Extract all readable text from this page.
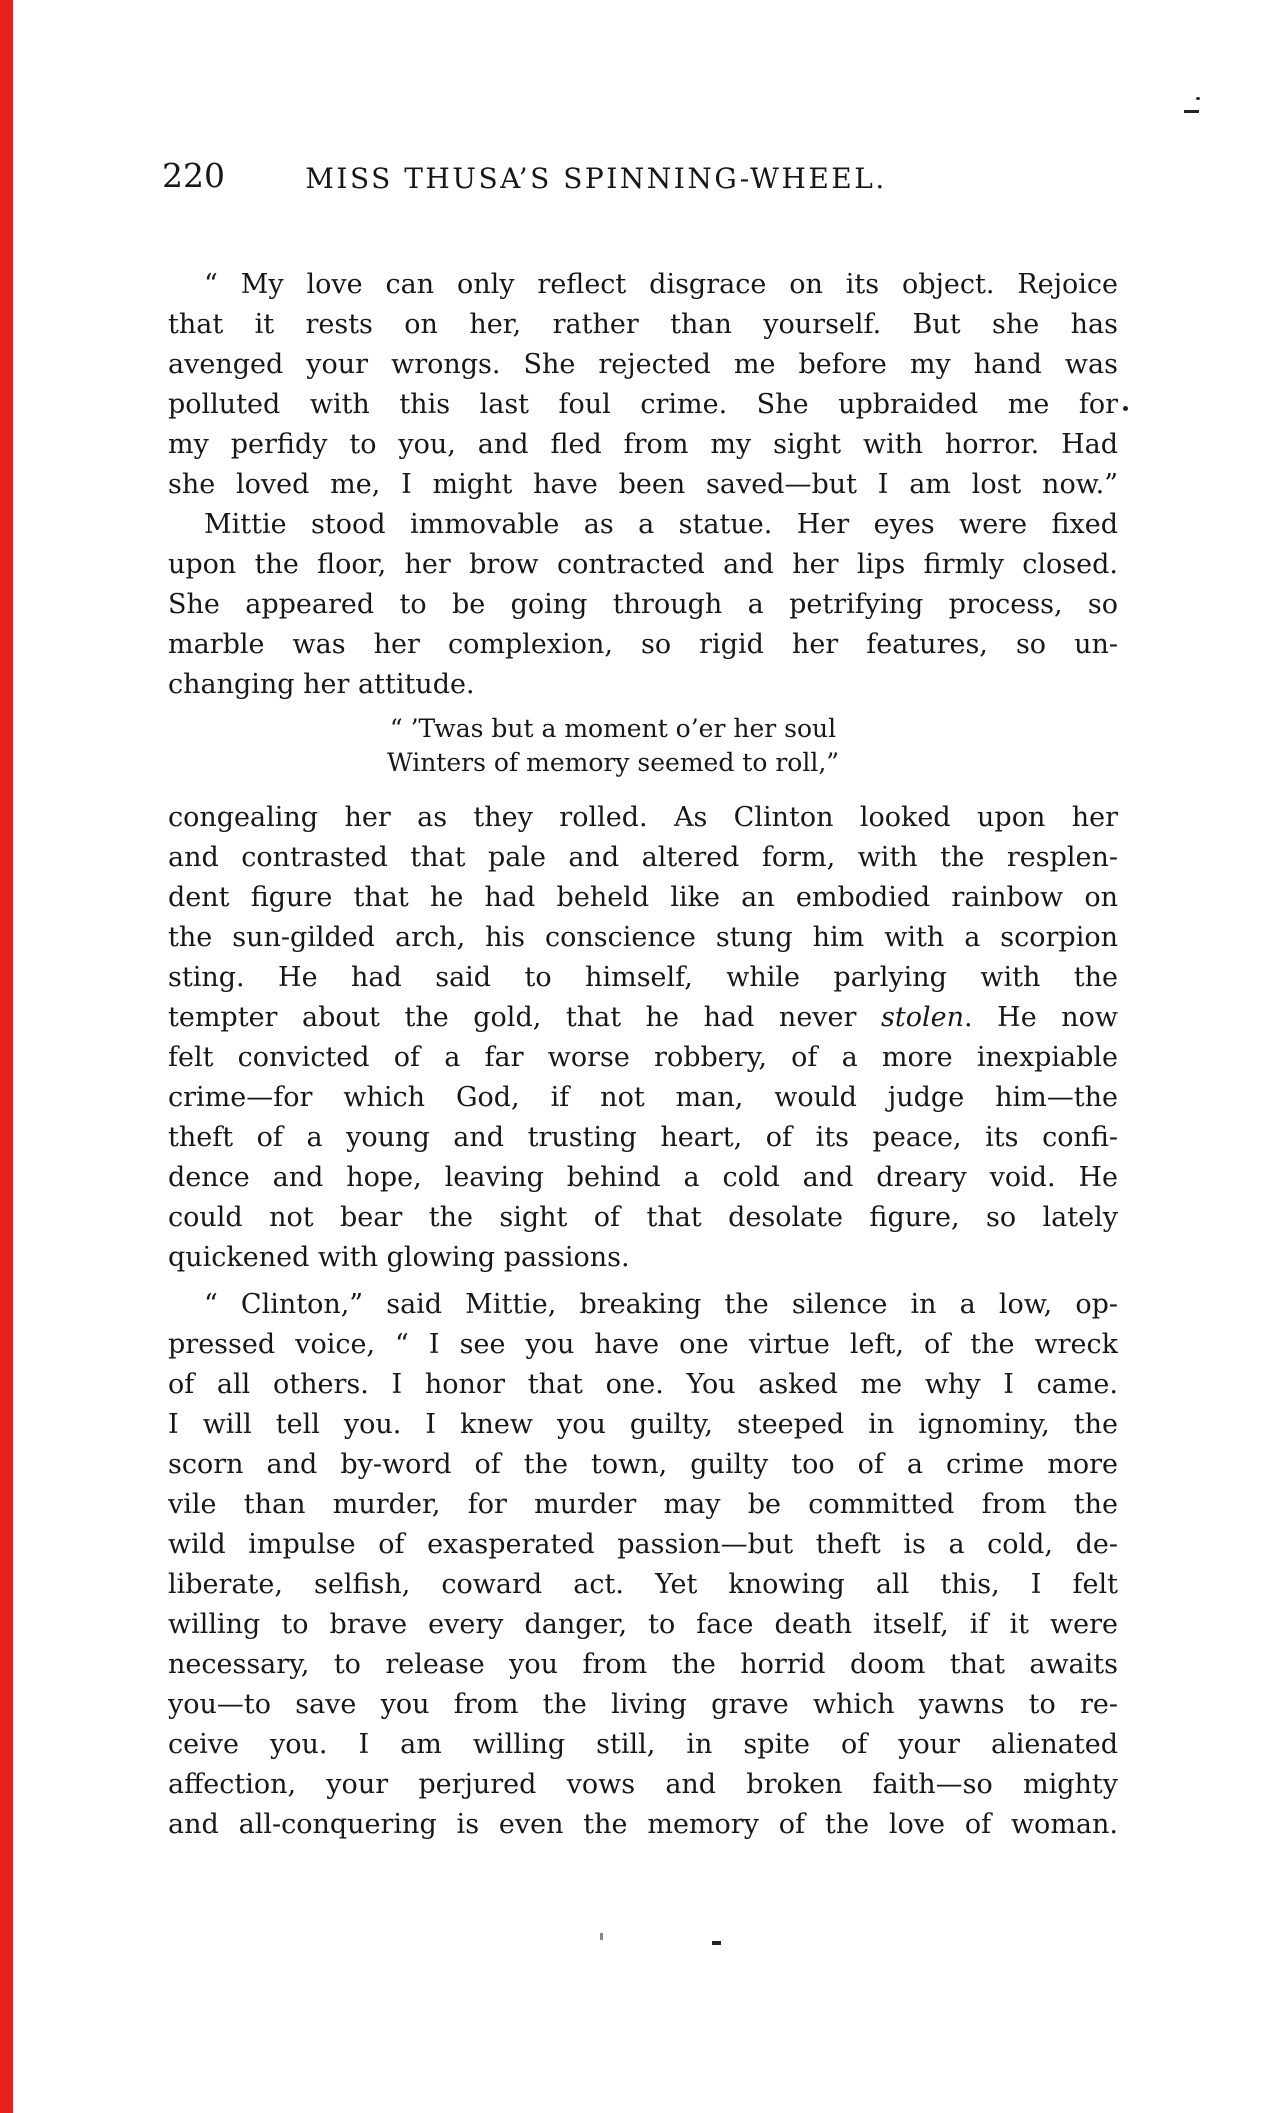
220	MISS THUSA’S SPINNING-WHEEL.
“ My love can only reflect disgrace on its object. Rejoice
that it rests on her, rather than yourself. But she has
avenged your wrongs. She rejected me before my hand was
polluted with this last foul crime. She upbraided me for
my perfidy to you, and fled from my sight with horror. Had
she loved me, I might have been saved—but I am lost now.”
Mittie stood immovable as a statue. Her eyes were fixed
upon the floor, her brow contracted and her lips firmly closed.
She appeared to be going through a petrifying process, so
marble was her complexion, so rigid her features, so un-
changing her attitude.
“ ’Twas but a moment o’er her soul
Winters of memory seemed to roll,”
congealing her as they rolled. As Clinton looked upon her
and contrasted that pale and altered form, with the resplen-
dent figure that he had beheld like an embodied rainbow on
the sun-gilded arch, his conscience stung him with a scorpion
sting. He had said to himself, while parlying with the
tempter about the gold, that he had never stolen. He now
felt convicted of a far worse robbery, of a more inexpiable
crime—for which God, if not man, would judge him—the
theft of a young and trusting heart, of its peace, its confi-
dence and hope, leaving behind a cold and dreary void. He
could not bear the sight of that desolate figure, so lately
quickened with glowing passions.
“ Clinton,” said Mittie, breaking the silence in a low, op-
pressed voice, “ I see you have one virtue left, of the wreck
of all others. I honor that one. You asked me why I came.
I will tell you. I knew you guilty, steeped in ignominy, the
scorn and by-word of the town, guilty too of a crime more
vile than murder, for murder may be committed from the
wild impulse of exasperated passion—but theft is a cold, de-
liberate, selfish, coward act. Yet knowing all this, I felt
willing to brave every danger, to face death itself, if it were
necessary, to release you from the horrid doom that awaits
you—to save you from the living grave which yawns to re-
ceive you. I am willing still, in spite of your alienated
affection, your perjured vows and broken faith—so mighty
and all-conquering is even the memory of the love of woman.
